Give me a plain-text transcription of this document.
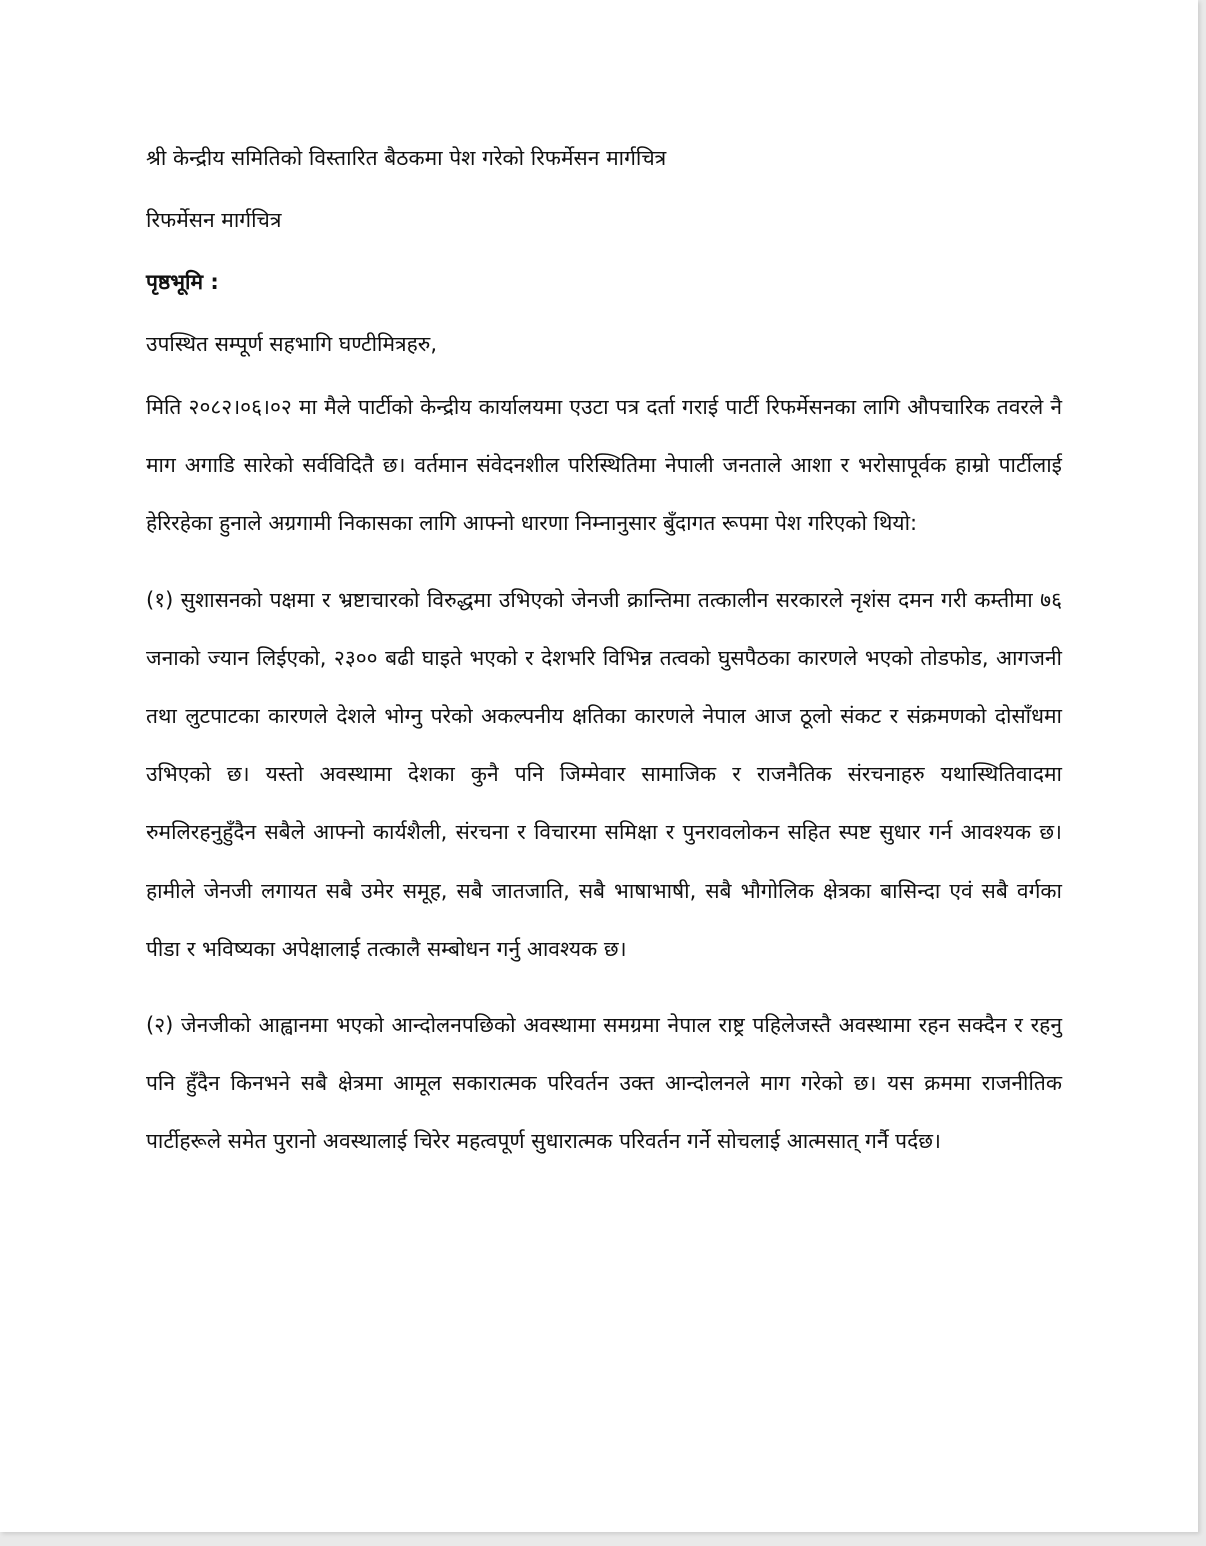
श्री केन्द्रीय समितिको विस्तारित बैठकमा पेश गरेको रिफर्मेसन मार्गचित्र

रिफर्मेसन मार्गचित्र

पृष्ठभूमि :

उपस्थित सम्पूर्ण सहभागि घण्टीमित्रहरु,

मिति २०८२।०६।०२ मा मैले पार्टीको केन्द्रीय कार्यालयमा एउटा पत्र दर्ता गराई पार्टी रिफर्मेसनका लागि औपचारिक तवरले नै माग अगाडि सारेको सर्वविदितै छ। वर्तमान संवेदनशील परिस्थितिमा नेपाली जनताले आशा र भरोसापूर्वक हाम्रो पार्टीलाई हेरिरहेका हुनाले अग्रगामी निकासका लागि आफ्नो धारणा निम्नानुसार बुँदागत रूपमा पेश गरिएको थियो:

(१) सुशासनको पक्षमा र भ्रष्टाचारको विरुद्धमा उभिएको जेनजी क्रान्तिमा तत्कालीन सरकारले नृशंस दमन गरी कम्तीमा ७६ जनाको ज्यान लिईएको, २३०० बढी घाइते भएको र देशभरि विभिन्न तत्वको घुसपैठका कारणले भएको तोडफोड, आगजनी तथा लुटपाटका कारणले देशले भोग्नु परेको अकल्पनीय क्षतिका कारणले नेपाल आज ठूलो संकट र संक्रमणको दोसाँधमा उभिएको छ। यस्तो अवस्थामा देशका कुनै पनि जिम्मेवार सामाजिक र राजनैतिक संरचनाहरु यथास्थितिवादमा रुमलिरहनुहुँदैन सबैले आफ्नो कार्यशैली, संरचना र विचारमा समिक्षा र पुनरावलोकन सहित स्पष्ट सुधार गर्न आवश्यक छ।हामीले जेनजी लगायत सबै उमेर समूह, सबै जातजाति, सबै भाषाभाषी, सबै भौगोलिक क्षेत्रका बासिन्दा एवं सबै वर्गका पीडा र भविष्यका अपेक्षालाई तत्कालै सम्बोधन गर्नु आवश्यक छ।

(२) जेनजीको आह्वानमा भएको आन्दोलनपछिको अवस्थामा समग्रमा नेपाल राष्ट्र पहिलेजस्तै अवस्थामा रहन सक्दैन र रहनु पनि हुँदैन किनभने सबै क्षेत्रमा आमूल सकारात्मक परिवर्तन उक्त आन्दोलनले माग गरेको छ। यस क्रममा राजनीतिक पार्टीहरूले समेत पुरानो अवस्थालाई चिरेर महत्वपूर्ण सुधारात्मक परिवर्तन गर्ने सोचलाई आत्मसात् गर्नै पर्दछ।
